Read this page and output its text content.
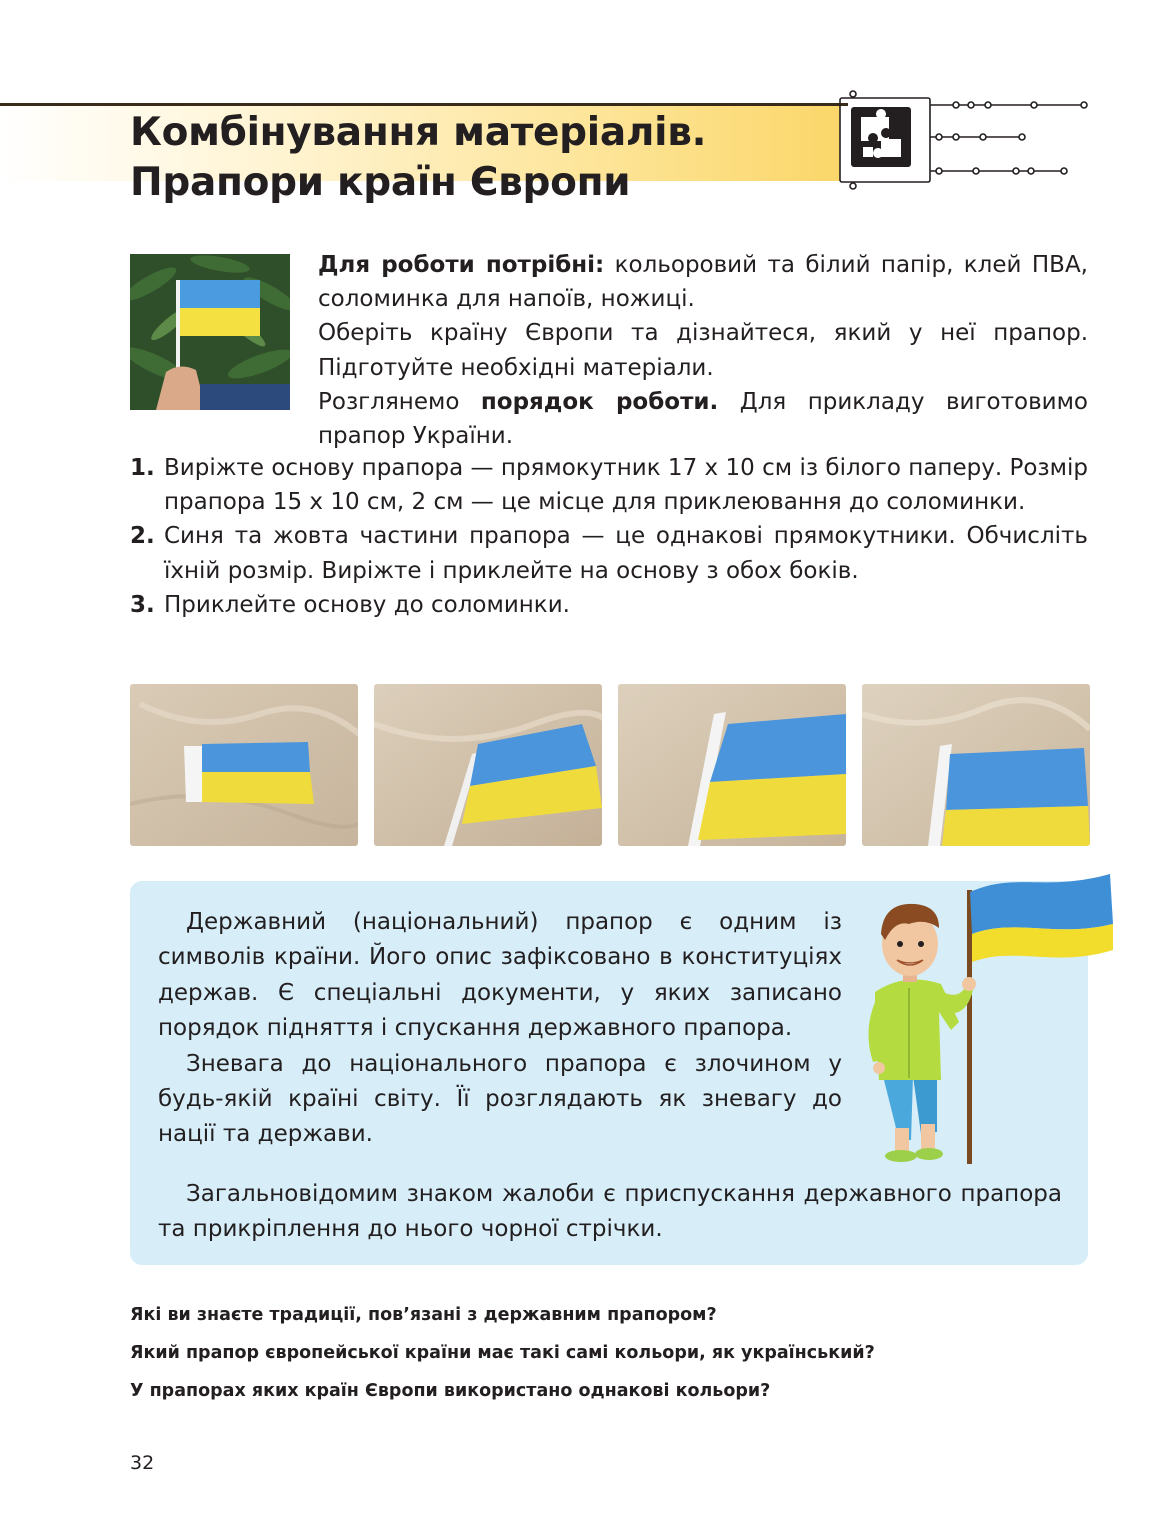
Комбінування матеріалів.
Прапори країн Європи

Для роботи потрібні: кольоровий та білий папір, клей ПВА, соломинка для напоїв, ножиці.

Оберіть країну Європи та дізнайтеся, який у неї прапор. Підготуйте необхідні матеріали.

Розглянемо порядок роботи. Для прикладу виготовимо прапор України.

1. Виріжте основу прапора — прямокутник 17 х 10 см із білого паперу. Розмір прапора 15 х 10 см, 2 см — це місце для приклеювання до соломинки.
2. Синя та жовта частини прапора — це однакові прямокутники. Обчисліть їхній розмір. Виріжте і приклейте на основу з обох боків.
3. Приклейте основу до соломинки.

Державний (національний) прапор є одним із символів країни. Його опис зафіксовано в конституціях держав. Є спеціальні документи, у яких записано порядок підняття і спускання державного прапора.

Зневага до національного прапора є злочином у будь-якій країні світу. Її розглядають як зневагу до нації та держави.

Загальновідомим знаком жалоби є приспускання державного прапора та прикріплення до нього чорної стрічки.

Які ви знаєте традиції, пов’язані з державним прапором?
Який прапор європейської країни має такі самі кольори, як український?
У прапорах яких країн Європи використано однакові кольори?
32
